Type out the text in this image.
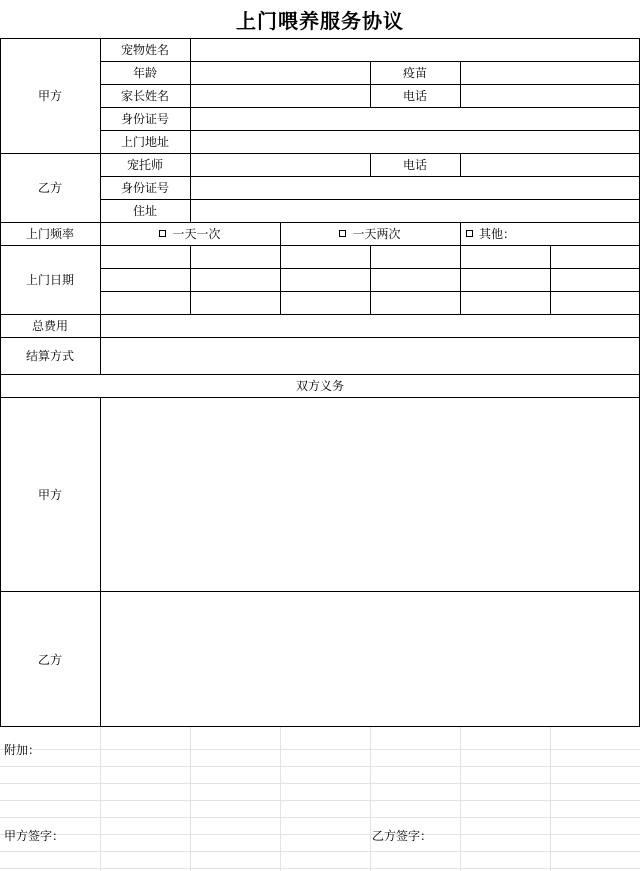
上门喂养服务协议
甲方
宠物姓名
年龄	疫苗
家长姓名	电话
身份证号
上门地址
乙方
宠托师	电话
身份证号
住址
上门频率	一天一次	一天两次	其他：
上门日期
总费用
结算方式
双方义务
甲方
乙方
附加：
甲方签字：	乙方签字：
